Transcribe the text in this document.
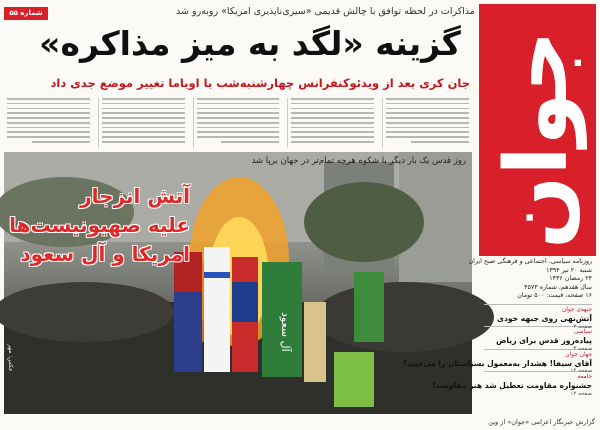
شماره ۵۵	مذاکرات در لحظه توافق با چالش قدیمی «سیری‌ناپذیری امریکا» روبه‌رو شد
گزینه «لگد به میز مذاکره»
جان کری بعد از ویدئوکنفرانس چهارشنبه‌شب با اوباما تغییر موضع جدی داد
آل سعود
روز قدس یک بار دیگر با شکوه هرچه تمام‌تر در جهان برپا شد
آتش انزجار
علیه صهیونیست‌ها
امریکا و آل سعود
عکس: مهر
جوان
روزنامه سیاسی، اجتماعی و فرهنگی صبح ایران
شنبه ۲۰ تیر ۱۳۹۴
۲۴ رمضان ۱۴۳۶
سال هفدهم، شماره ۴۵۷۳
۱۶ صفحه، قیمت: ۵۰۰ تومان
جبهه‌ی جوان
آتش‌نهی روی جبهه خودی
صفحه ۲
سیاسی
پیاده‌روز قدس برای ریاض
صفحه ۳
جهان جوان
آقای سیفا! هشدار به‌معمول بسیاستان را می‌خبید؟
صفحه ۱۴
جامعه
جشنواره مقاومت تعطیل شد هنر مقاومت!
صفحه ۱۲
گزارش خبرنگار اعزامی «جوان» از وین
